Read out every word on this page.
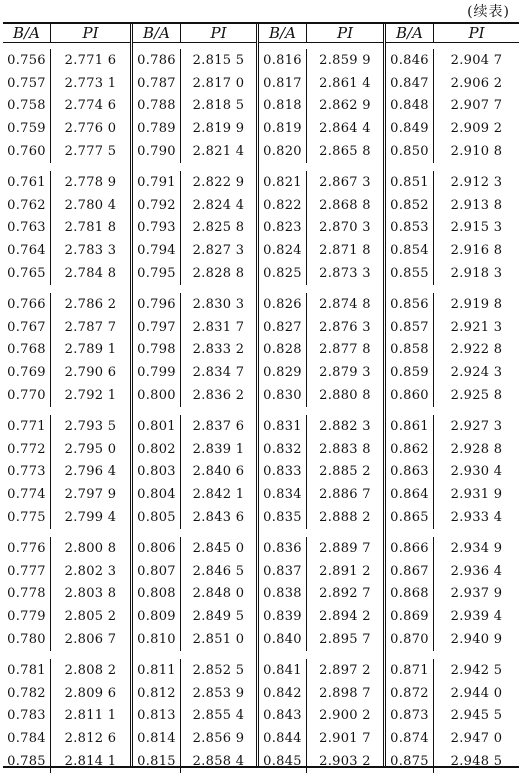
(续表)
B/A	PI
0.756	2.771 6
0.757	2.773 1
0.758	2.774 6
0.759	2.776 0
0.760	2.777 5
0.761	2.778 9
0.762	2.780 4
0.763	2.781 8
0.764	2.783 3
0.765	2.784 8
0.766	2.786 2
0.767	2.787 7
0.768	2.789 1
0.769	2.790 6
0.770	2.792 1
0.771	2.793 5
0.772	2.795 0
0.773	2.796 4
0.774	2.797 9
0.775	2.799 4
0.776	2.800 8
0.777	2.802 3
0.778	2.803 8
0.779	2.805 2
0.780	2.806 7
0.781	2.808 2
0.782	2.809 6
0.783	2.811 1
0.784	2.812 6
0.785	2.814 1
B/A	PI
0.786	2.815 5
0.787	2.817 0
0.788	2.818 5
0.789	2.819 9
0.790	2.821 4
0.791	2.822 9
0.792	2.824 4
0.793	2.825 8
0.794	2.827 3
0.795	2.828 8
0.796	2.830 3
0.797	2.831 7
0.798	2.833 2
0.799	2.834 7
0.800	2.836 2
0.801	2.837 6
0.802	2.839 1
0.803	2.840 6
0.804	2.842 1
0.805	2.843 6
0.806	2.845 0
0.807	2.846 5
0.808	2.848 0
0.809	2.849 5
0.810	2.851 0
0.811	2.852 5
0.812	2.853 9
0.813	2.855 4
0.814	2.856 9
0.815	2.858 4
B/A	PI
0.816	2.859 9
0.817	2.861 4
0.818	2.862 9
0.819	2.864 4
0.820	2.865 8
0.821	2.867 3
0.822	2.868 8
0.823	2.870 3
0.824	2.871 8
0.825	2.873 3
0.826	2.874 8
0.827	2.876 3
0.828	2.877 8
0.829	2.879 3
0.830	2.880 8
0.831	2.882 3
0.832	2.883 8
0.833	2.885 2
0.834	2.886 7
0.835	2.888 2
0.836	2.889 7
0.837	2.891 2
0.838	2.892 7
0.839	2.894 2
0.840	2.895 7
0.841	2.897 2
0.842	2.898 7
0.843	2.900 2
0.844	2.901 7
0.845	2.903 2
B/A	PI
0.846	2.904 7
0.847	2.906 2
0.848	2.907 7
0.849	2.909 2
0.850	2.910 8
0.851	2.912 3
0.852	2.913 8
0.853	2.915 3
0.854	2.916 8
0.855	2.918 3
0.856	2.919 8
0.857	2.921 3
0.858	2.922 8
0.859	2.924 3
0.860	2.925 8
0.861	2.927 3
0.862	2.928 8
0.863	2.930 4
0.864	2.931 9
0.865	2.933 4
0.866	2.934 9
0.867	2.936 4
0.868	2.937 9
0.869	2.939 4
0.870	2.940 9
0.871	2.942 5
0.872	2.944 0
0.873	2.945 5
0.874	2.947 0
0.875	2.948 5
